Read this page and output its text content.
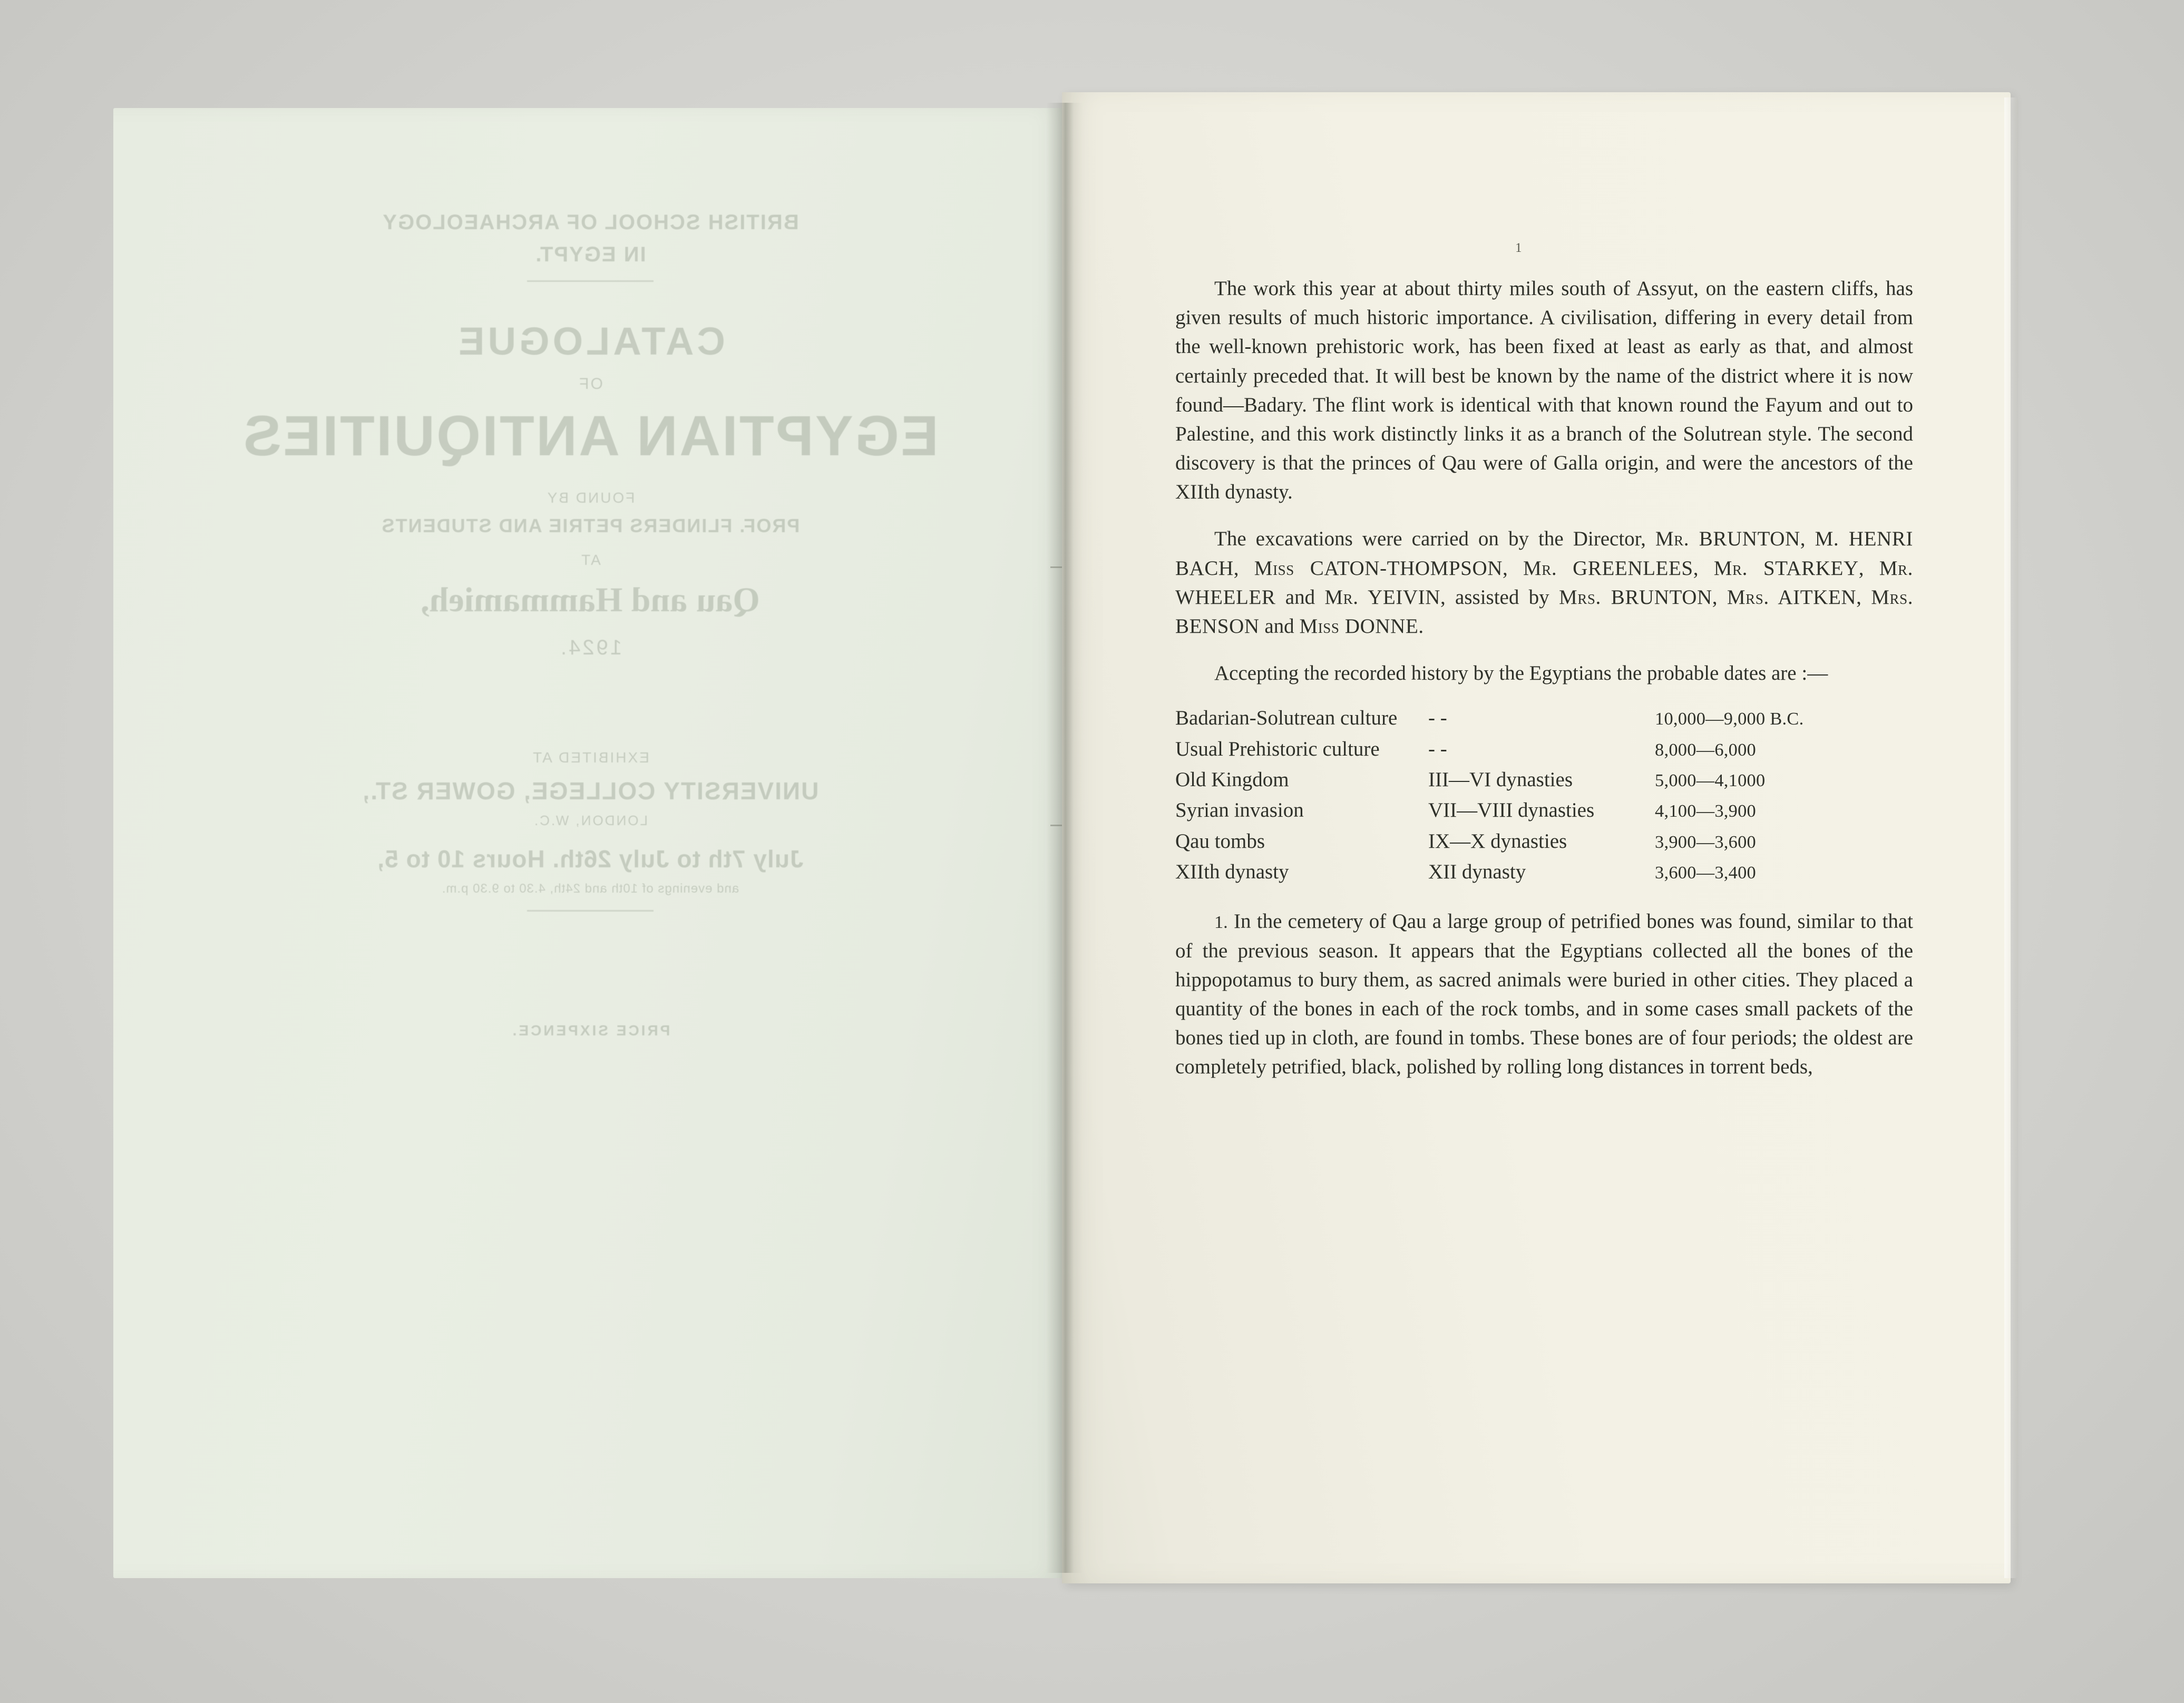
BRITISH SCHOOL OF ARCHAEOLOGY
IN EGYPT.
CATALOGUE
OF
EGYPTIAN ANTIQUITIES
FOUND BY
PROF. FLINDERS PETRIE AND STUDENTS
AT
Qau and Hammamieh,
1924.
EXHIBITED AT
UNIVERSITY COLLEGE, GOWER ST.,
LONDON, W.C.
July 7th to July 26th. Hours 10 to 5,
and evenings of 10th and 24th, 4.30 to 9.30 p.m.
PRICE SIXPENCE.
1

The work this year at about thirty miles south of Assyut, on the eastern cliffs, has given results of much historic importance. A civilisation, differing in every detail from the well-known prehistoric work, has been fixed at least as early as that, and almost certainly preceded that. It will best be known by the name of the district where it is now found—Badary. The flint work is identical with that known round the Fayum and out to Palestine, and this work distinctly links it as a branch of the Solutrean style. The second discovery is that the princes of Qau were of Galla origin, and were the ancestors of the XIIth dynasty.

The excavations were carried on by the Director, Mr. BRUNTON, M. HENRI BACH, Miss CATON-THOMPSON, Mr. GREENLEES, Mr. STARKEY, Mr. WHEELER and Mr. YEIVIN, assisted by Mrs. BRUNTON, Mrs. AITKEN, Mrs. BENSON and Miss DONNE.

Accepting the recorded history by the Egyptians the probable dates are :—

Badarian-Solutrean culture	- -	10,000—9,000 B.C.
Usual Prehistoric culture	- -	8,000—6,000
Old Kingdom	III—VI dynasties	5,000—4,1000
Syrian invasion	VII—VIII dynasties	4,100—3,900
Qau tombs	IX—X dynasties	3,900—3,600
XIIth dynasty	XII dynasty	3,600—3,400

1. In the cemetery of Qau a large group of petrified bones was found, similar to that of the previous season. It appears that the Egyptians collected all the bones of the hippopotamus to bury them, as sacred animals were buried in other cities. They placed a quantity of the bones in each of the rock tombs, and in some cases small packets of the bones tied up in cloth, are found in tombs. These bones are of four periods; the oldest are completely petrified, black, polished by rolling long distances in torrent beds,
